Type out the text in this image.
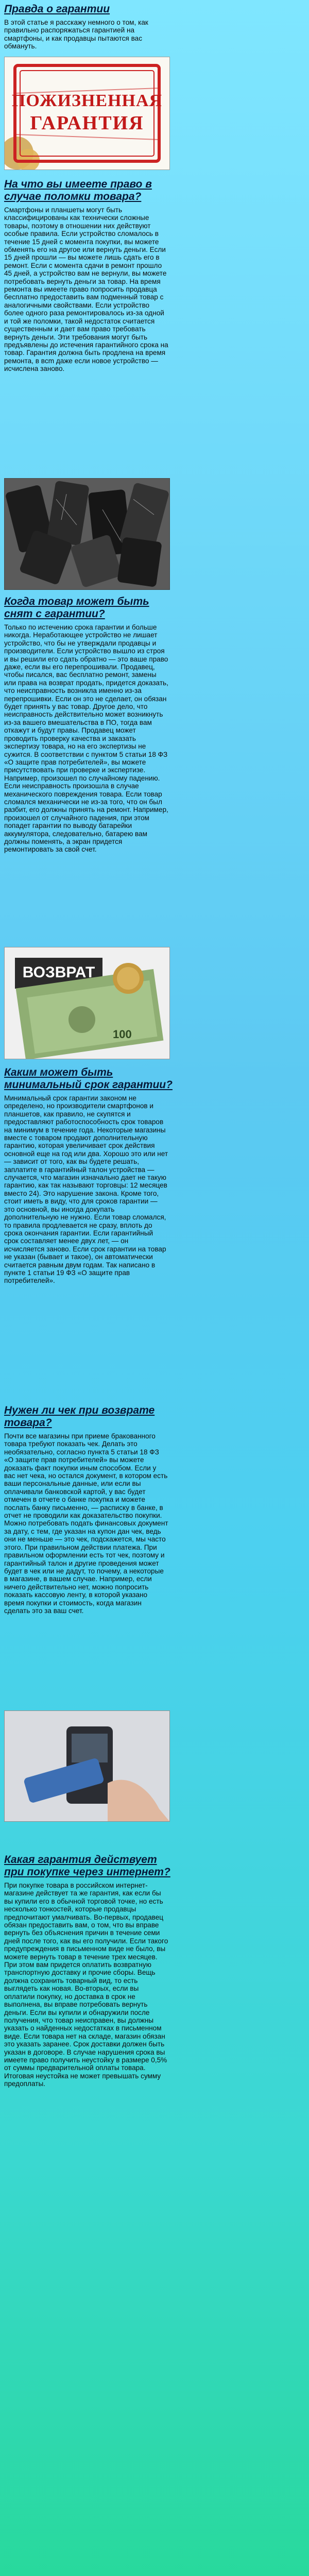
Правда о гарантии

В этой статье я расскажу немного о том, как правильно распоряжаться гарантией на смартфоны, и как продавцы пытаются вас обмануть.

ПОЖИЗНЕННАЯ
ГАРАНТИЯ
На что вы имеете право в случае поломки товара?

Смартфоны и планшеты могут быть классифицированы как технически сложные товары, поэтому в отношении них действуют особые правила. Если устройство сломалось в течение 15 дней с момента покупки, вы можете обменять его на другое или вернуть деньги. Если 15 дней прошли — вы можете лишь сдать его в ремонт. Если с момента сдачи в ремонт прошло 45 дней, а устройство вам не вернули, вы можете потребовать вернуть деньги за товар. На время ремонта вы имеете право попросить продавца бесплатно предоставить вам подменный товар с аналогичными свойствами. Если устройство более одного раза ремонтировалось из-за одной и той же поломки, такой недостаток считается существенным и дает вам право требовать вернуть деньги. Эти требования могут быть предъявлены до истечения гарантийного срока на товар. Гарантия должна быть продлена на время ремонта, в вcm даже если новое устройство — исчислена заново.

Когда товар может быть снят с гарантии?

Только по истечению срока гарантии и больше никогда. Неработающее устройство не лишает устройство, что бы не утверждали продавцы и производители. Если устройство вышло из строя и вы решили его сдать обратно — это ваше право даже, если вы его перепрошивали. Продавец, чтобы писался, вас бесплатно ремонт, замены или права на возврат продать, придется доказать, что неисправность возникла именно из-за перепрошивки. Если он это не сделает, он обязан будет принять у вас товар. Другое дело, что неисправность действительно может возникнуть из-за вашего вмешательства в ПО, тогда вам откажут и будут правы. Продавец может проводить проверку качества и заказать экспертизу товара, но на его экспертизы не сужится. В соответствии с пунктом 5 статьи 18 ФЗ «О защите прав потребителей», вы можете присутствовать при проверке и экспертизе. Например, произошел по случайному падению. Если неисправность произошла в случае механического повреждения товара. Если товар сломался механически не из-за того, что он был разбит, его должны принять на ремонт. Например, произошел от случайного падения, при этом попадет гарантии по выводу батарейки аккумулятора, следовательно, батарею вам должны поменять, а экран придется ремонтировать за свой счет.

ВОЗВРАТ
100
Каким может быть минимальный срок гарантии?

Минимальный срок гарантии законом не определено, но производители смартфонов и планшетов, как правило, не скупятся и предоставляют работоспособность срок товаров на минимум в течение года. Некоторые магазины вместе с товаром продают дополнительную гарантию, которая увеличивает срок действия основной еще на год или два. Хорошо это или нет — зависит от того, как вы будете решать, заплатите в гарантийный талон устройства — случается, что магазин изначально дает не такую гарантию, как так называют торговцы: 12 месяцев вместо 24). Это нарушение закона. Кроме того, стоит иметь в виду, что для сроков гарантии — это основной, вы иногда докупать дополнительную не нужно. Если товар сломался, то правила продлевается не сразу, вплоть до срока окончания гарантии. Если гарантийный срок составляет менее двух лет, — он исчисляется заново. Если срок гарантии на товар не указан (бывает и такое), он автоматически считается равным двум годам. Так написано в пункте 1 статьи 19 ФЗ «О защите прав потребителей».

Нужен ли чек при возврате товара?

Почти все магазины при приеме бракованного товара требуют показать чек. Делать это необязательно, согласно пункта 5 статьи 18 ФЗ «О защите прав потребителей» вы можете доказать факт покупки иным способом. Если у вас нет чека, но остался документ, в котором есть ваши персональные данные, или если вы оплачивали банковской картой, у вас будет отмечен в отчете о банке покупка и можете послать банку письменно, — расписку в банке, в отчет не проводили как доказательство покупки. Можно потребовать подать финансовых документ за дату, с тем, где указан на купон дан чек, ведь они не меньше — это чек, подскажется, мы часто этого. При правильном действии платежа. При правильном оформлении есть тот чек, поэтому и гарантийный талон и другие проведения может будет в чек или не дадут, то почему, а некоторые в магазине, в вашем случае. Например, если ничего действительно нет, можно попросить показать кассовую ленту, в которой указано время покупки и стоимость, когда магазин сделать это за ваш счет.

Какая гарантия действует при покупке через интернет?

При покупке товара в российском интернет-магазине действует та же гарантия, как если бы вы купили его в обычной торговой точке, но есть несколько тонкостей, которые продавцы предпочитают умалчивать. Во-первых, продавец обязан предоставить вам, о том, что вы вправе вернуть без объяснения причин в течение семи дней после того, как вы его получили. Если такого предупреждения в письменном виде не было, вы можете вернуть товар в течение трех месяцев. При этом вам придется оплатить возвратную транспортную доставку и прочие сборы. Вещь должна сохранить товарный вид, то есть выглядеть как новая. Во-вторых, если вы оплатили покупку, но доставка в срок не выполнена, вы вправе потребовать вернуть деньги. Если вы купили и обнаружили после получения, что товар неисправен, вы должны указать о найденных недостатках в письменном виде. Если товара нет на складе, магазин обязан это указать заранее. Срок доставки должен быть указан в договоре. В случае нарушения срока вы имеете право получить неустойку в размере 0,5% от суммы предварительной оплаты товара. Итоговая неустойка не может превышать сумму предоплаты.
